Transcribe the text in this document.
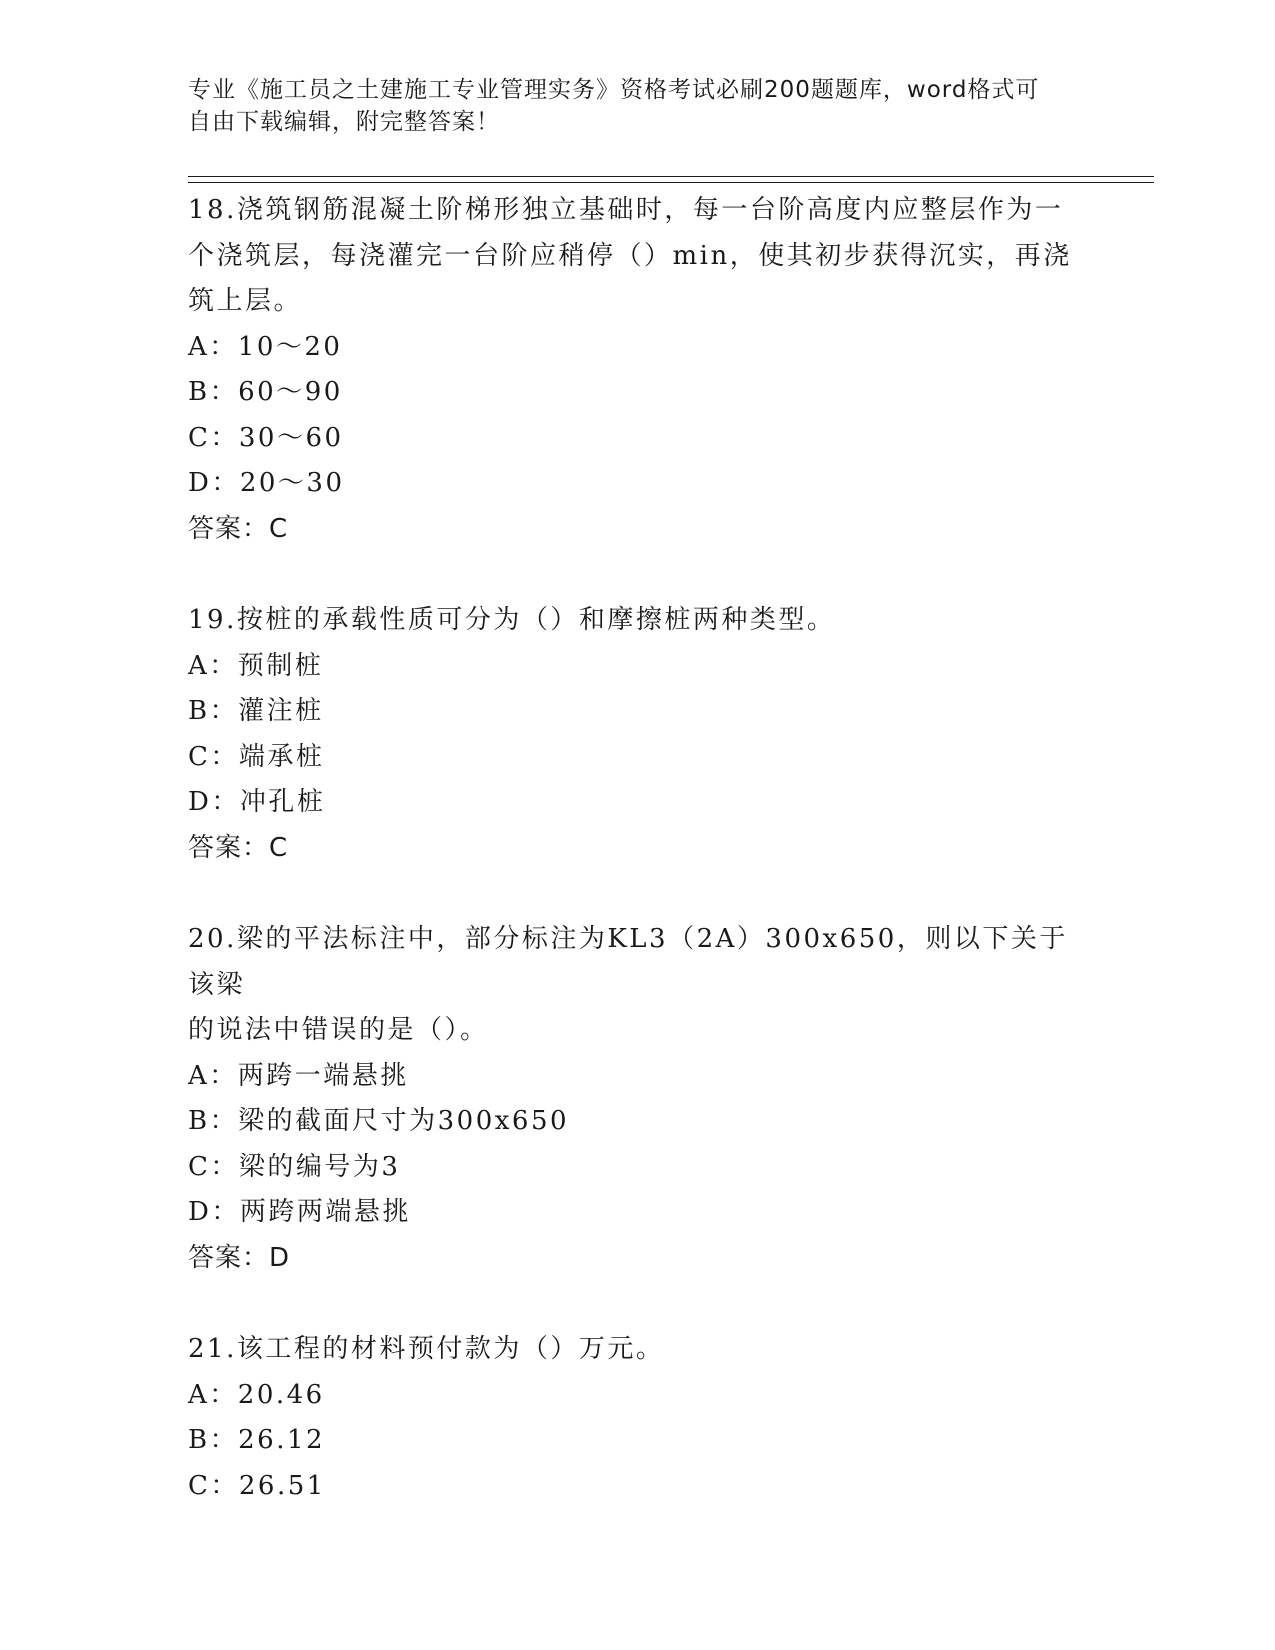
专业《施工员之土建施工专业管理实务》资格考试必刷200题题库，word格式可
自由下载编辑，附完整答案！
18.浇筑钢筋混凝土阶梯形独立基础时，每一台阶高度内应整层作为一
个浇筑层，每浇灌完一台阶应稍停（）min，使其初步获得沉实，再浇
筑上层。
A：10～20
B：60～90
C：30～60
D：20～30
答案：C
19.按桩的承载性质可分为（）和摩擦桩两种类型。
A：预制桩
B：灌注桩
C：端承桩
D：冲孔桩
答案：C
20.梁的平法标注中，部分标注为KL3（2A）300x650，则以下关于该梁
的说法中错误的是（）。
A：两跨一端悬挑
B：梁的截面尺寸为300x650
C：梁的编号为3
D：两跨两端悬挑
答案：D
21.该工程的材料预付款为（）万元。
A：20.46
B：26.12
C：26.51
